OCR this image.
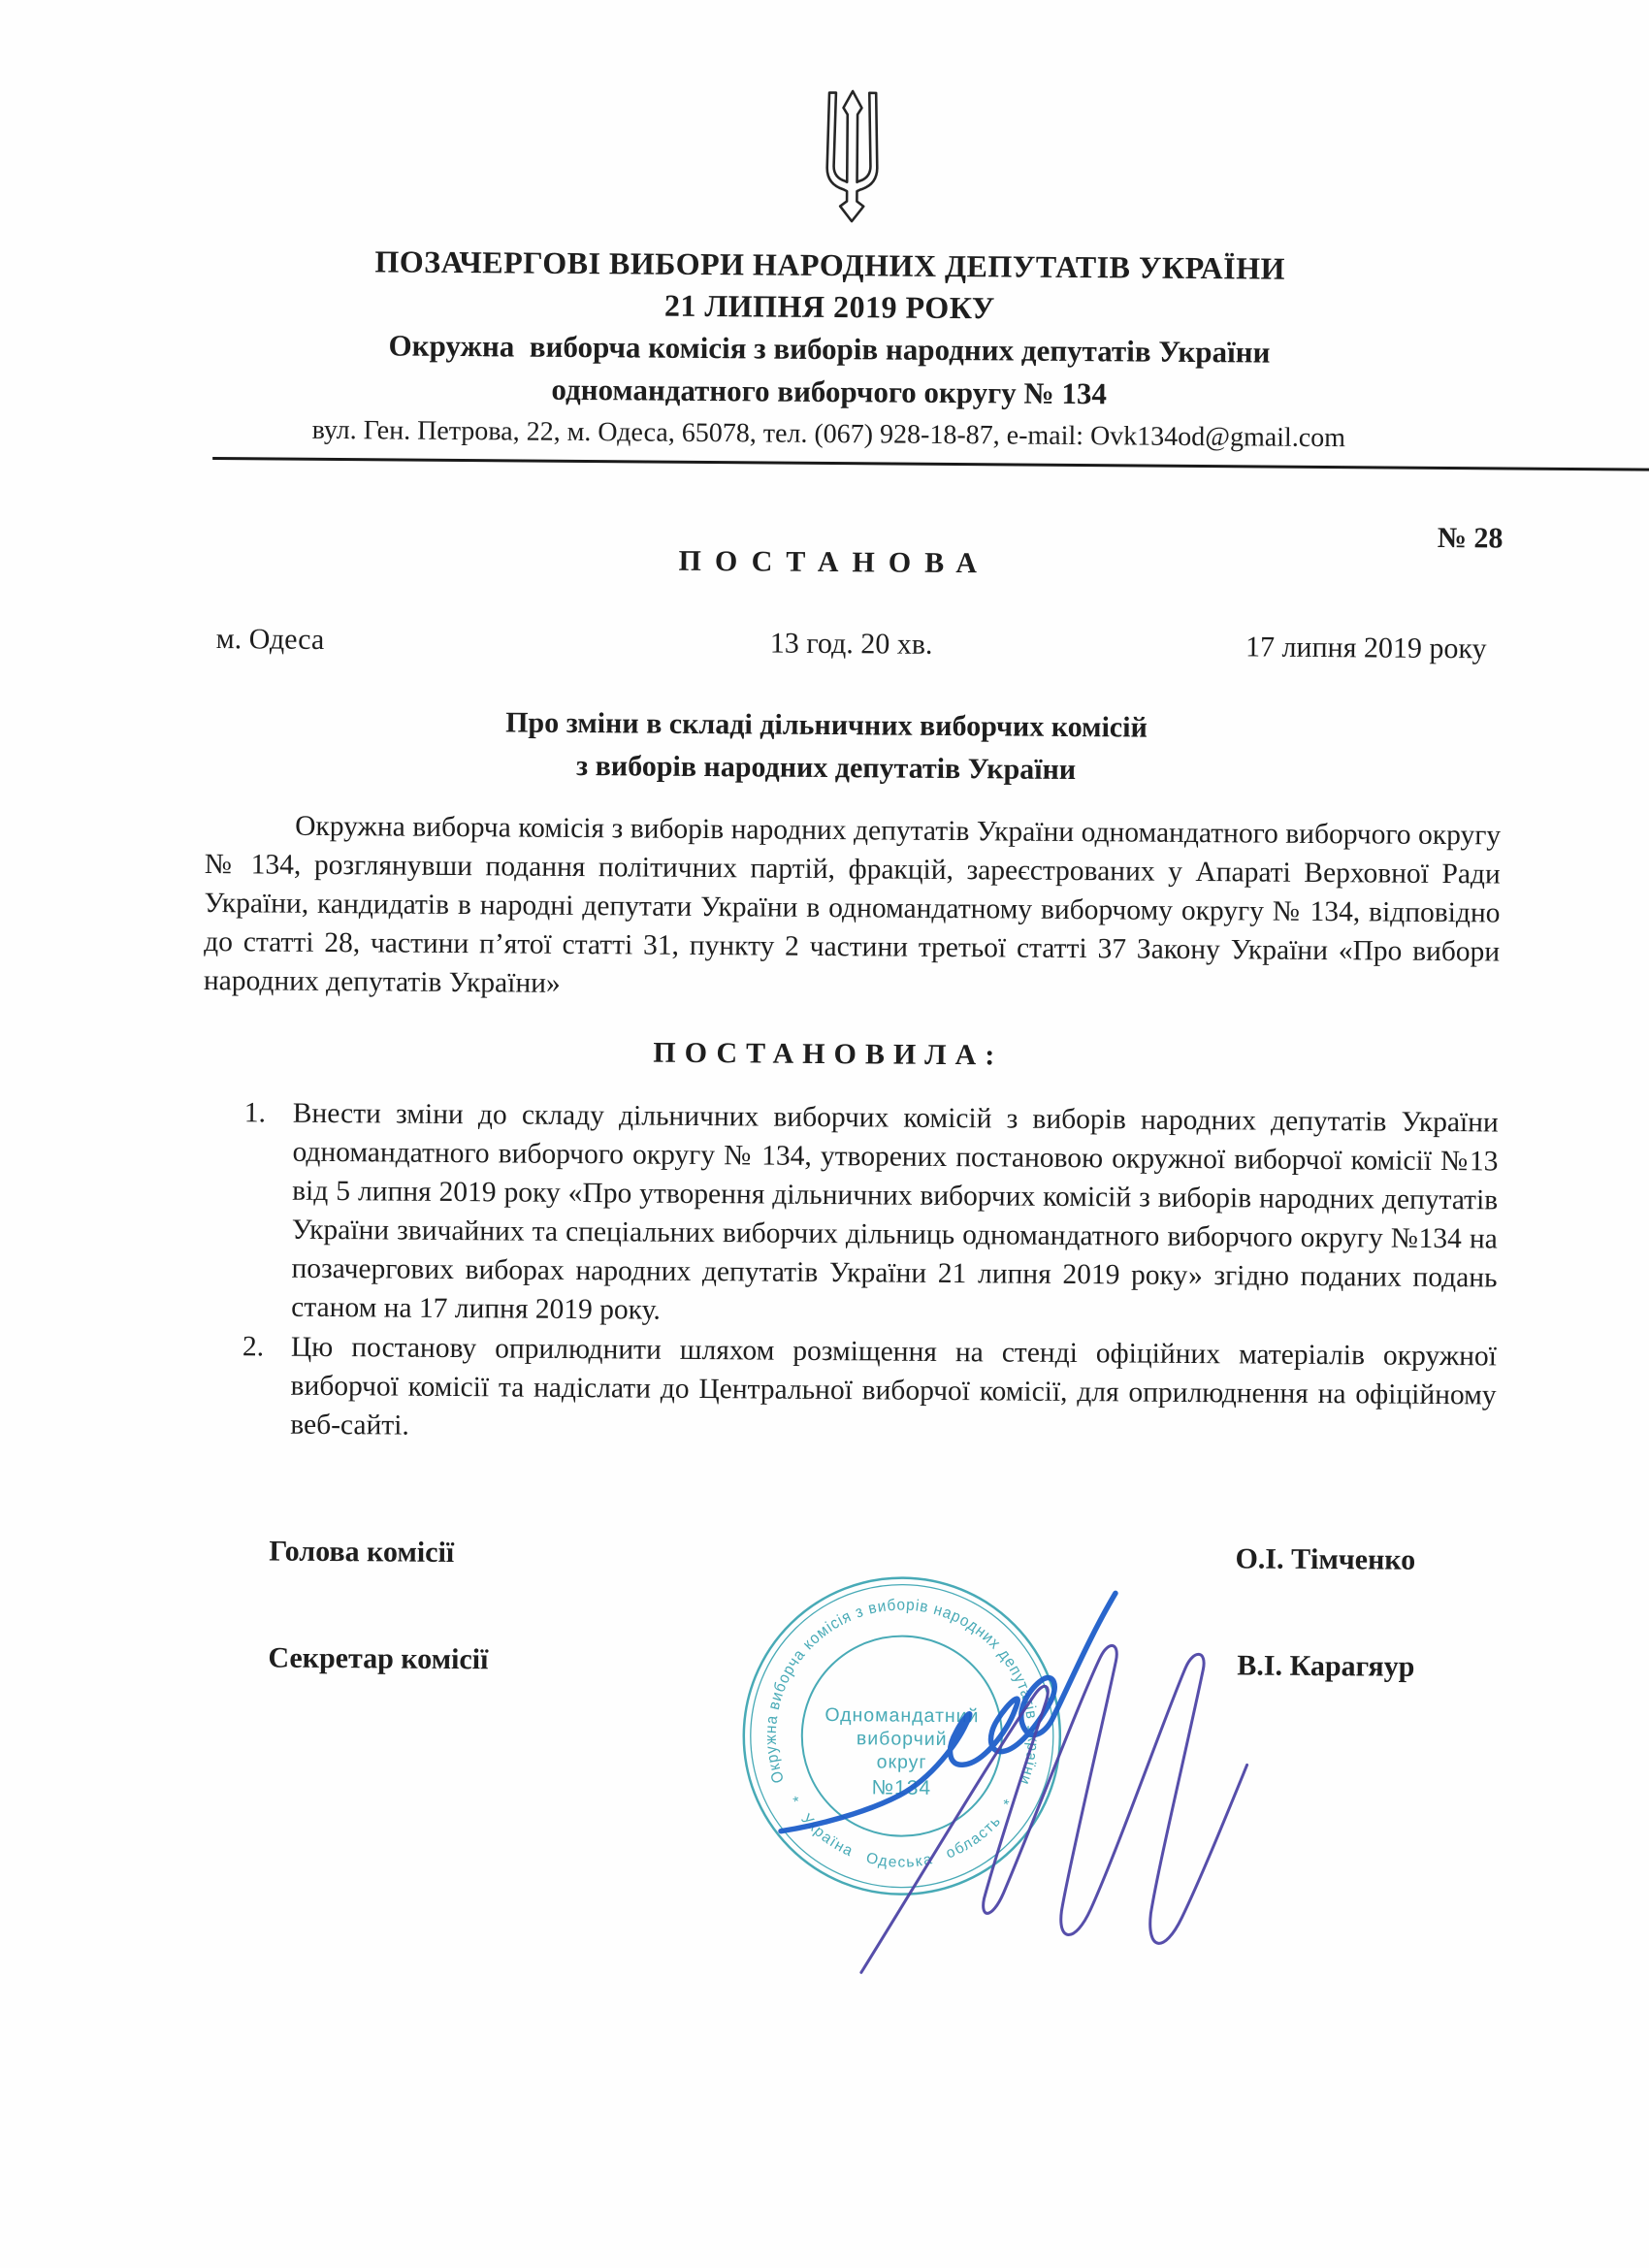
ПОЗАЧЕРГОВІ ВИБОРИ НАРОДНИХ ДЕПУТАТІВ УКРАЇНИ
21 ЛИПНЯ 2019 РОКУ
Окружна  виборча комісія з виборів народних депутатів України
одномандатного виборчого округу № 134
вул. Ген. Петрова, 22, м. Одеса, 65078, тел. (067) 928-18-87, e-mail: Ovk134od@gmail.com
№ 28
ПОСТАНОВА
м. Одеса	13 год. 20 хв.	17 липня 2019 року
Про зміни в складі дільничних виборчих комісій
з виборів народних депутатів України

Окружна виборча комісія з виборів народних депутатів України одномандатного виборчого округу № 134, розглянувши подання політичних партій, фракцій, зареєстрованих у Апараті Верховної Ради України, кандидатів в народні депутати України в одномандатному виборчому округу № 134, відповідно до статті 28, частини п’ятої статті 31, пункту 2 частини третьої статті 37 Закону України «Про вибори народних депутатів України»

ПОСТАНОВИЛА:
1. Внести зміни до складу дільничних виборчих комісій з виборів народних депутатів України одномандатного виборчого округу № 134, утворених постановою окружної виборчої комісії №13 від 5 липня 2019 року «Про утворення дільничних виборчих комісій з виборів народних депутатів України звичайних та спеціальних виборчих дільниць одномандатного виборчого округу №134 на позачергових виборах народних депутатів України 21 липня 2019 року» згідно поданих подань станом на 17 липня 2019 року.
2. Цю постанову оприлюднити шляхом розміщення на стенді офіційних матеріалів окружної виборчої комісії та надіслати до Центральної виборчої комісії, для оприлюднення на офіційному веб-сайті.
Голова комісії	О.І. Тімченко
Секретар комісії	В.І. Карагяур
Окружна виборча комісія з виборів народних депутатів України
* Україна Одеська область *
Одномандатний
виборчий
округ
№134
